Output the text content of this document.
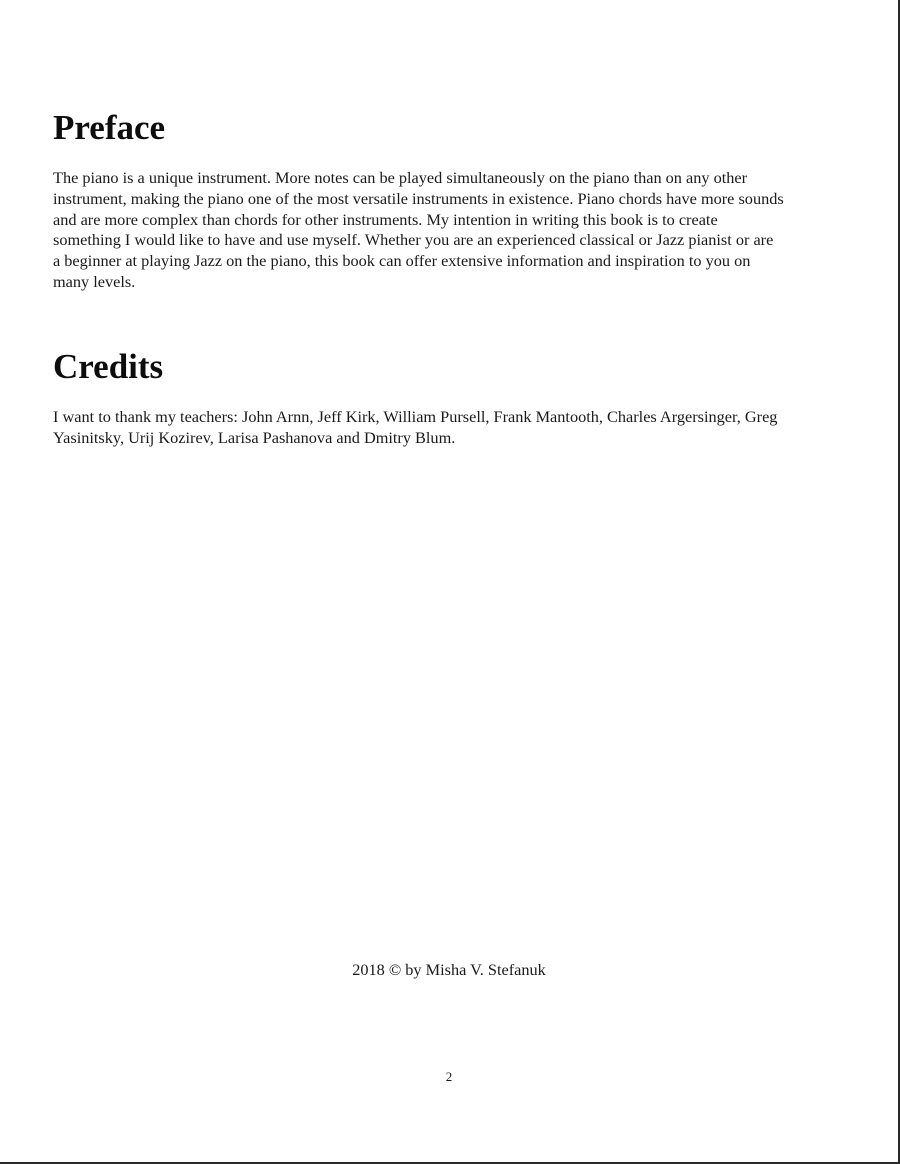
Preface
The piano is a unique instrument. More notes can be played simultaneously on the piano than on any other
instrument, making the piano one of the most versatile instruments in existence. Piano chords have more sounds
and are more complex than chords for other instruments. My intention in writing this book is to create
something I would like to have and use myself. Whether you are an experienced classical or Jazz pianist or are
a beginner at playing Jazz on the piano, this book can offer extensive information and inspiration to you on
many levels.
Credits
I want to thank my teachers: John Arnn, Jeff Kirk, William Pursell, Frank Mantooth, Charles Argersinger, Greg
Yasinitsky, Urij Kozirev, Larisa Pashanova and Dmitry Blum.
2018 © by Misha V. Stefanuk
2
